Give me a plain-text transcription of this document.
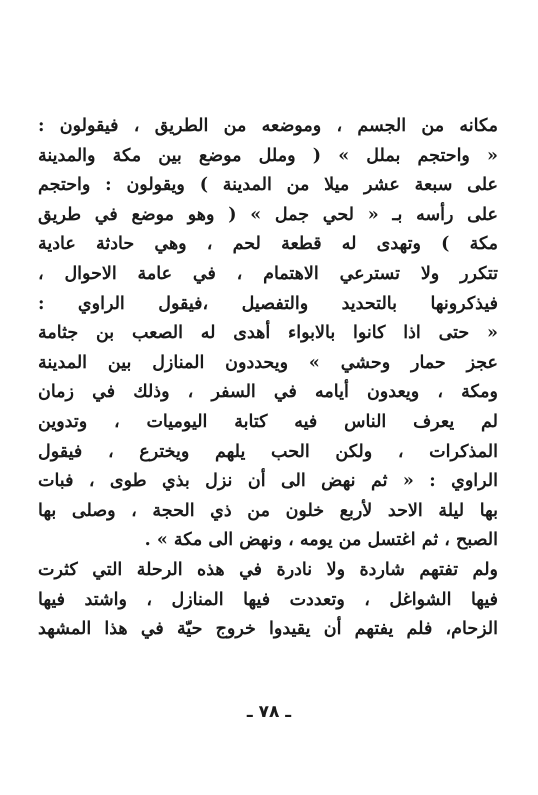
مكانه من الجسم ، وموضعه من الطريق ، فيقولون :
« واحتجم بملل » ( وملل موضع بين مكة والمدينة
على سبعة عشر ميلا من المدينة ) ويقولون : واحتجم
على رأسه بـ « لحي جمل » ( وهو موضع في طريق
مكة ) وتهدى له قطعة لحم ، وهي حادثة عادية
تتكرر ولا تسترعي الاهتمام ، في عامة الاحوال ،
فيذكرونها بالتحديد والتفصيل ،فيقول الراوي :
« حتى اذا كانوا بالابواء أهدى له الصعب بن جثامة
عجز حمار وحشي » ويحددون المنازل بين المدينة
ومكة ، ويعدون أيامه في السفر ، وذلك في زمان
لم يعرف الناس فيه كتابة اليوميات ، وتدوين
المذكرات ، ولكن الحب يلهم ويخترع ، فيقول
الراوي : « ثم نهض الى أن نزل بذي طوى ، فبات
بها ليلة الاحد لأربع خلون من ذي الحجة ، وصلى بها
الصبح ، ثم اغتسل من يومه ، ونهض الى مكة » .
ولم تفتهم شاردة ولا نادرة في هذه الرحلة التي كثرت
فيها الشواغل ، وتعددت فيها المنازل ، واشتد فيها
الزحام، فلم يفتهم أن يقيدوا خروج حيّة في هذا المشهد
ـ ٧٨ ـ
